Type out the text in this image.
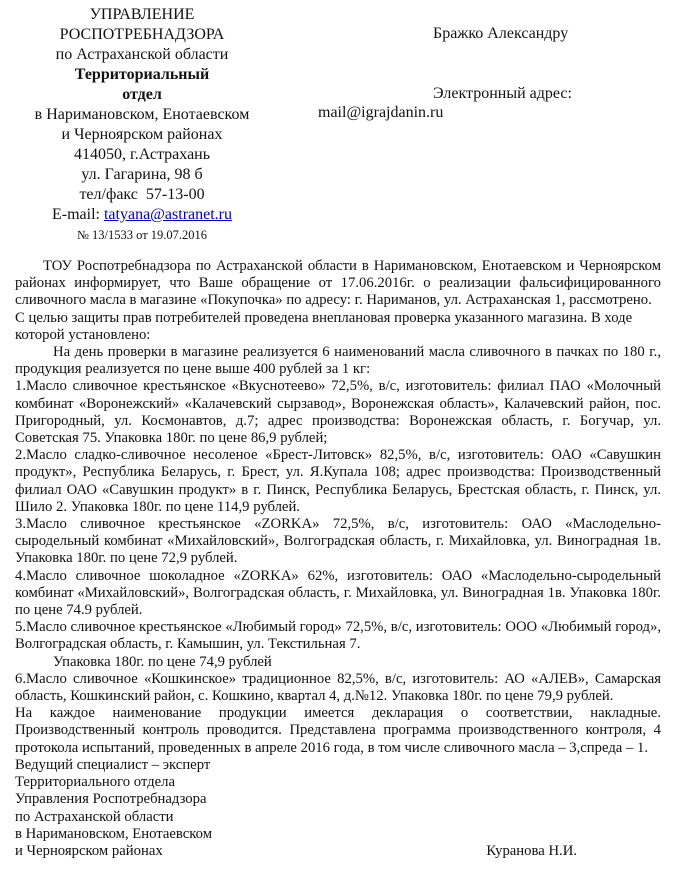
УПРАВЛЕНИЕ
РОСПОТРЕБНАДЗОРА
по Астраханской области
Территориальный
отдел
в Наримановском, Енотаевском
и Черноярском районах
414050, г.Астрахань
ул. Гагарина, 98 б
тел/факс  57-13-00
E-mail: tatyana@astranet.ru
№ 13/1533 от 19.07.2016
Бражко Александру
Электронный адрес:
mail@igrajdanin.ru

ТОУ Роспотребнадзора по Астраханской области в Наримановском, Енотаевском и Черноярском районах информирует, что Ваше обращение от 17.06.2016г. о реализации фальсифицированного сливочного масла в магазине «Покупочка» по адресу: г. Нариманов, ул. Астраханская 1, рассмотрено.

С целью защиты прав потребителей проведена внеплановая проверка указанного магазина. В ходе которой установлено:

На день проверки в магазине реализуется 6 наименований масла сливочного в пачках по 180 г., продукция реализуется по цене выше 400 рублей за 1 кг:

1.Масло сливочное крестьянское «Вкуснотеево» 72,5%, в/с, изготовитель: филиал ПАО «Молочный комбинат «Воронежский» «Калачевский сырзавод», Воронежская область», Калачевский район, пос. Пригородный, ул. Космонавтов, д.7; адрес производства: Воронежская область, г. Богучар, ул. Советская 75. Упаковка 180г. по цене 86,9 рублей;

2.Масло сладко-сливочное несоленое «Брест-Литовск» 82,5%, в/с, изготовитель: ОАО «Савушкин продукт», Республика Беларусь, г. Брест, ул. Я.Купала 108; адрес производства: Производственный филиал ОАО «Савушкин продукт» в г. Пинск, Республика Беларусь, Брестская область, г. Пинск, ул. Шило 2. Упаковка 180г. по цене 114,9 рублей.

3.Масло сливочное крестьянское «ZORKA» 72,5%, в/с, изготовитель: ОАО «Маслодельно-сыродельный комбинат «Михайловский», Волгоградская область, г. Михайловка, ул. Виноградная 1в. Упаковка 180г. по цене 72,9 рублей.

4.Масло сливочное шоколадное «ZORKA» 62%, изготовитель: ОАО «Маслодельно-сыродельный комбинат «Михайловский», Волгоградская область, г. Михайловка, ул. Виноградная 1в. Упаковка 180г. по цене 74.9 рублей.

5.Масло сливочное крестьянское «Любимый город» 72,5%, в/с, изготовитель: ООО «Любимый город», Волгоградская область, г. Камышин, ул. Текстильная 7.

Упаковка 180г. по цене 74,9 рублей

6.Масло сливочное «Кошкинское» традиционное 82,5%, в/с, изготовитель: АО «АЛЕВ», Самарская область, Кошкинский район, с. Кошкино, квартал 4, д.№12. Упаковка 180г. по цене 79,9 рублей.

На каждое наименование продукции имеется декларация о соответствии, накладные. Производственный контроль проводится. Представлена программа производственного контроля, 4 протокола испытаний, проведенных в апреле 2016 года, в том числе сливочного масла – 3,спреда – 1.

Ведущий специалист – эксперт
Территориального отдела
Управления Роспотребнадзора
по Астраханской области
в Наримановском, Енотаевском
и Черноярском районах	Куранова Н.И.
